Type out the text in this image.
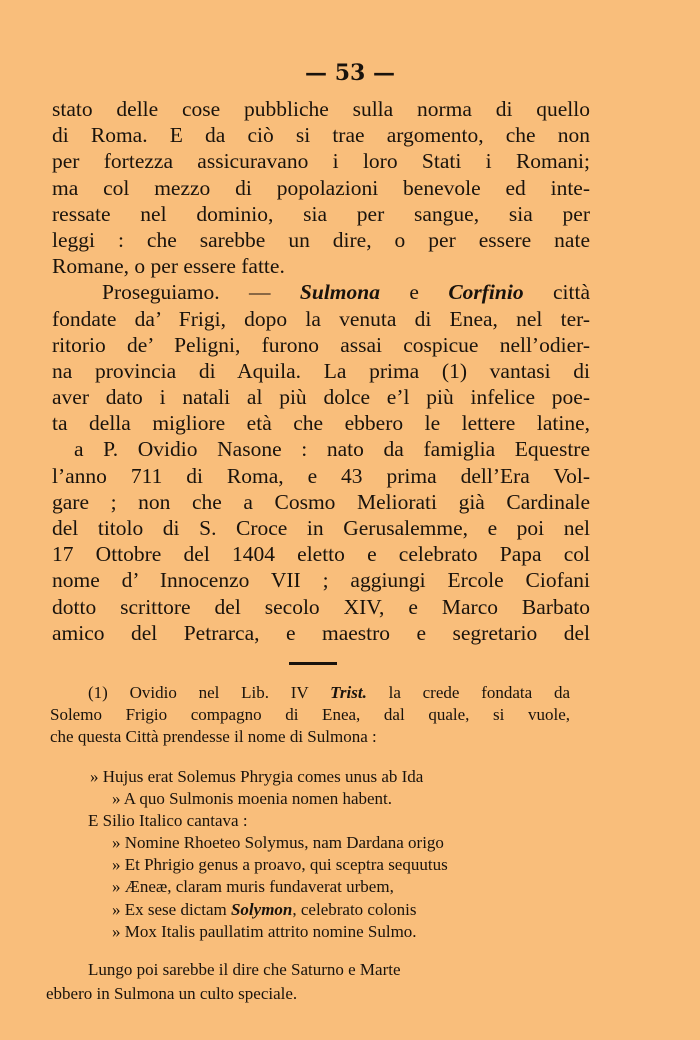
— 53 —
stato delle cose pubbliche sulla norma di quello
di Roma. E da ciò si trae argomento, che non
per fortezza assicuravano i loro Stati i Romani;
ma col mezzo di popolazioni benevole ed inte-
ressate nel dominio, sia per sangue, sia per
leggi : che sarebbe un dire, o per essere nate
Romane, o per essere fatte.
Proseguiamo. — Sulmona e Corfinio città
fondate da’ Frigi, dopo la venuta di Enea, nel ter-
ritorio de’ Peligni, furono assai cospicue nell’odier-
na provincia di Aquila. La prima (1) vantasi di
aver dato i natali al più dolce e’l più infelice poe-
ta della migliore età che ebbero le lettere latine,
a P. Ovidio Nasone : nato da famiglia Equestre
l’anno 711 di Roma, e 43 prima dell’Era Vol-
gare ; non che a Cosmo Meliorati già Cardinale
del titolo di S. Croce in Gerusalemme, e poi nel
17 Ottobre del 1404 eletto e celebrato Papa col
nome d’ Innocenzo VII ; aggiungi Ercole Ciofani
dotto scrittore del secolo XIV, e Marco Barbato
amico del Petrarca, e maestro e segretario del
(1) Ovidio nel Lib. IV Trist. la crede fondata da
Solemo Frigio compagno di Enea, dal quale, si vuole,
che questa Città prendesse il nome di Sulmona :
» Hujus erat Solemus Phrygia comes unus ab Ida
» A quo Sulmonis moenia nomen habent.
E Silio Italico cantava :
» Nomine Rhoeteo Solymus, nam Dardana origo
» Et Phrigio genus a proavo, qui sceptra sequutus
» Æneæ, claram muris fundaverat urbem,
» Ex sese dictam Solymon, celebrato colonis
» Mox Italis paullatim attrito nomine Sulmo.
Lungo poi sarebbe il dire che Saturno e Marte
ebbero in Sulmona un culto speciale.
